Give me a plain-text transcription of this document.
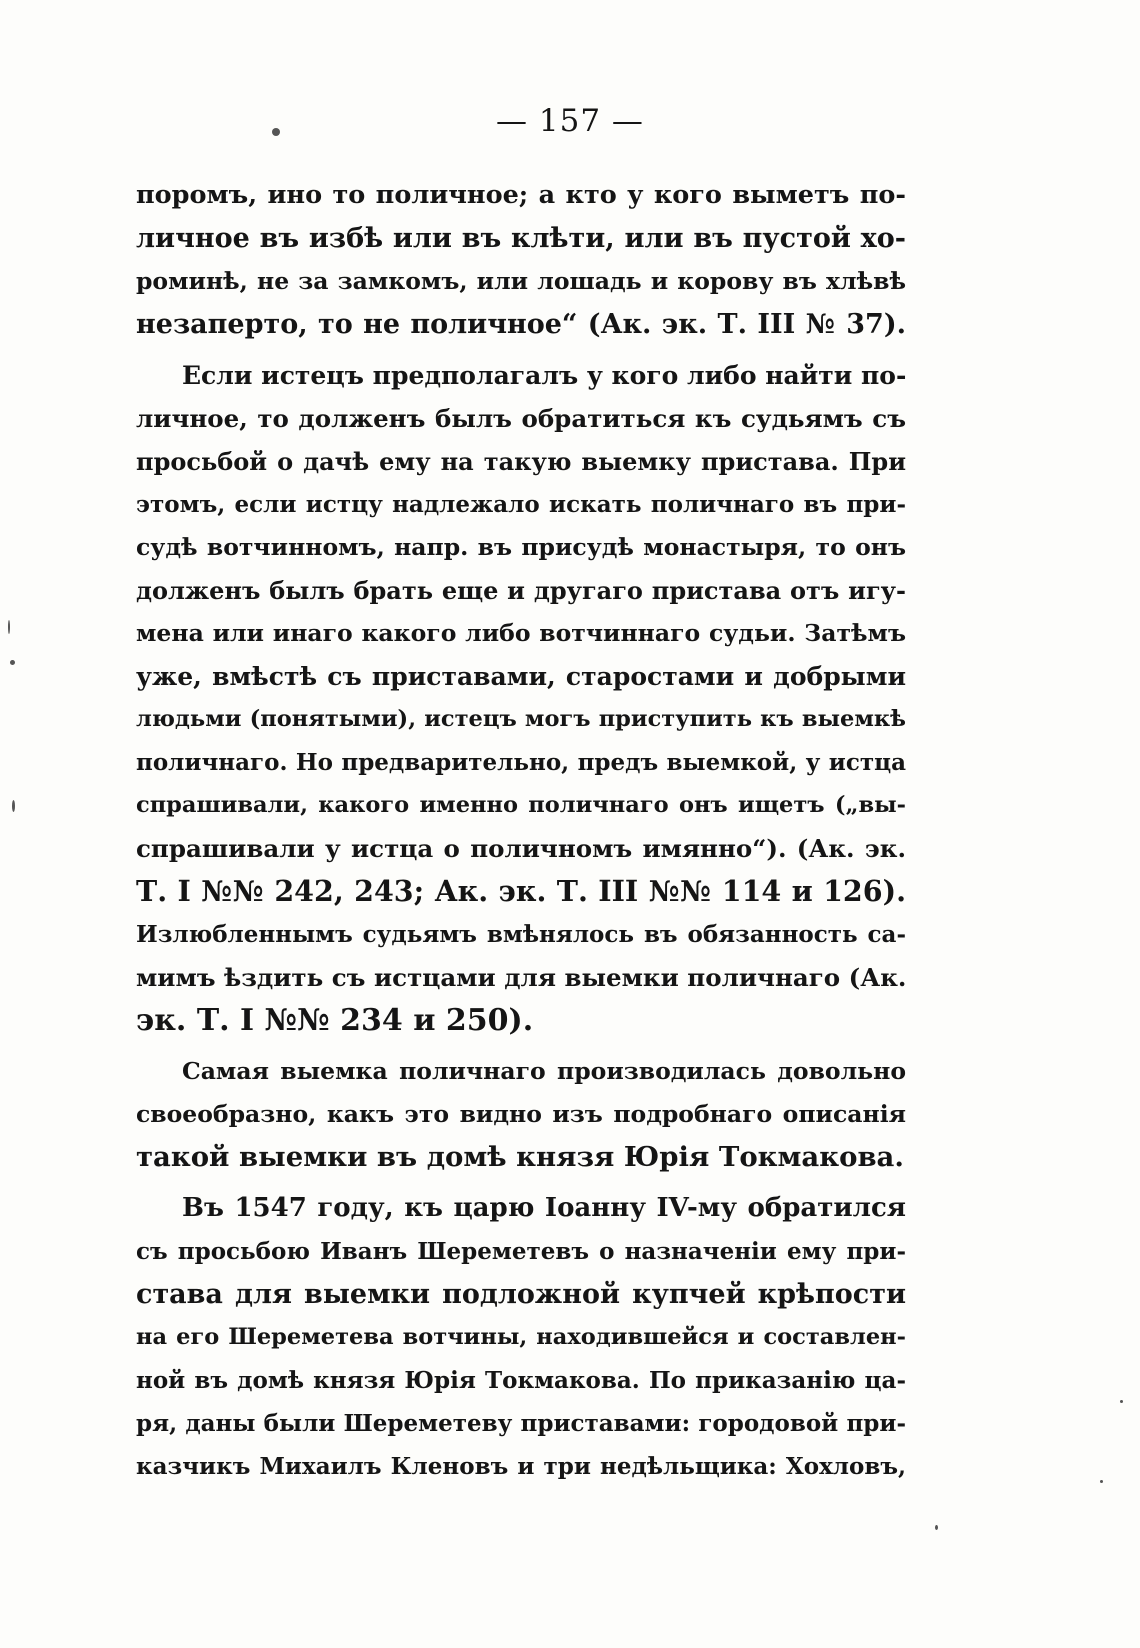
— 157 —
поромъ, ино то поличное; а кто у кого выметъ по-
личное въ избѣ или въ клѣти, или въ пустой хо-
роминѣ, не за замкомъ, или лошадь и корову въ хлѣвѣ
незаперто, то не поличное“ (Ак. эк. Т. III № 37).
Если истецъ предполагалъ у кого либо найти по-
личное, то долженъ былъ обратиться къ судьямъ съ
просьбой о дачѣ ему на такую выемку пристава. При
этомъ, если истцу надлежало искать поличнаго въ при-
судѣ вотчинномъ, напр. въ присудѣ монастыря, то онъ
долженъ былъ брать еще и другаго пристава отъ игу-
мена или инаго какого либо вотчиннаго судьи. Затѣмъ
уже, вмѣстѣ съ приставами, старостами и добрыми
людьми (понятыми), истецъ могъ приступить къ выемкѣ
поличнаго. Но предварительно, предъ выемкой, у истца
спрашивали, какого именно поличнаго онъ ищетъ („вы-
спрашивали у истца о поличномъ имянно“). (Ак. эк.
Т. I №№ 242, 243; Ак. эк. Т. III №№ 114 и 126).
Излюбленнымъ судьямъ вмѣнялось въ обязанность са-
мимъ ѣздить съ истцами для выемки поличнаго (Ак.
эк. Т. I №№ 234 и 250).
Самая выемка поличнаго производилась довольно
своеобразно, какъ это видно изъ подробнаго описанія
такой выемки въ домѣ князя Юрія Токмакова.
Въ 1547 году, къ царю Іоанну IV-му обратился
съ просьбою Иванъ Шереметевъ о назначеніи ему при-
става для выемки подложной купчей крѣпости
на его Шереметева вотчины, находившейся и составлен-
ной въ домѣ князя Юрія Токмакова. По приказанію ца-
ря, даны были Шереметеву приставами: городовой при-
казчикъ Михаилъ Кленовъ и три недѣльщика: Хохловъ,
